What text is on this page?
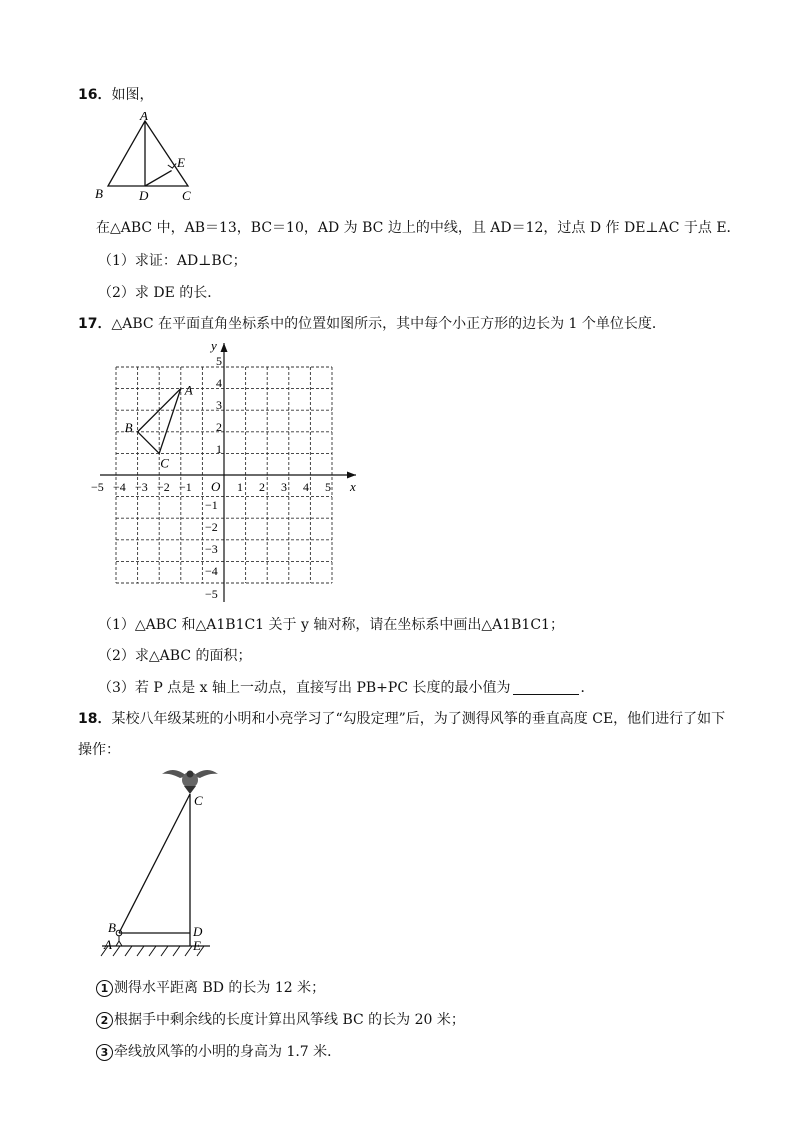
16．如图，
A
B	C
D
E
在△ABC 中，AB＝13，BC＝10，AD 为 BC 边上的中线，且 AD＝12，过点 D 作 DE⊥AC 于点 E．
（1）求证：AD⊥BC；
（2）求 DE 的长．
17．△ABC 在平面直角坐标系中的位置如图所示，其中每个小正方形的边长为 1 个单位长度．
x
y
O
−5 −4 −3 −2 −1	1 2 3 4 5
5
4
3
2
1
−1
−2
−3
−4
−5
A
B
C
（1）△ABC 和△A1B1C1 关于 y 轴对称，请在坐标系中画出△A1B1C1；
（2）求△ABC 的面积；
（3）若 P 点是 x 轴上一动点，直接写出 PB+PC 长度的最小值为	．
18．某校八年级某班的小明和小亮学习了“勾股定理”后，为了测得风筝的垂直高度 CE，他们进行了如下
操作：
C
B	D
A	E
1 测得水平距离 BD 的长为 12 米；
2 根据手中剩余线的长度计算出风筝线 BC 的长为 20 米；
3 牵线放风筝的小明的身高为 1.7 米．
